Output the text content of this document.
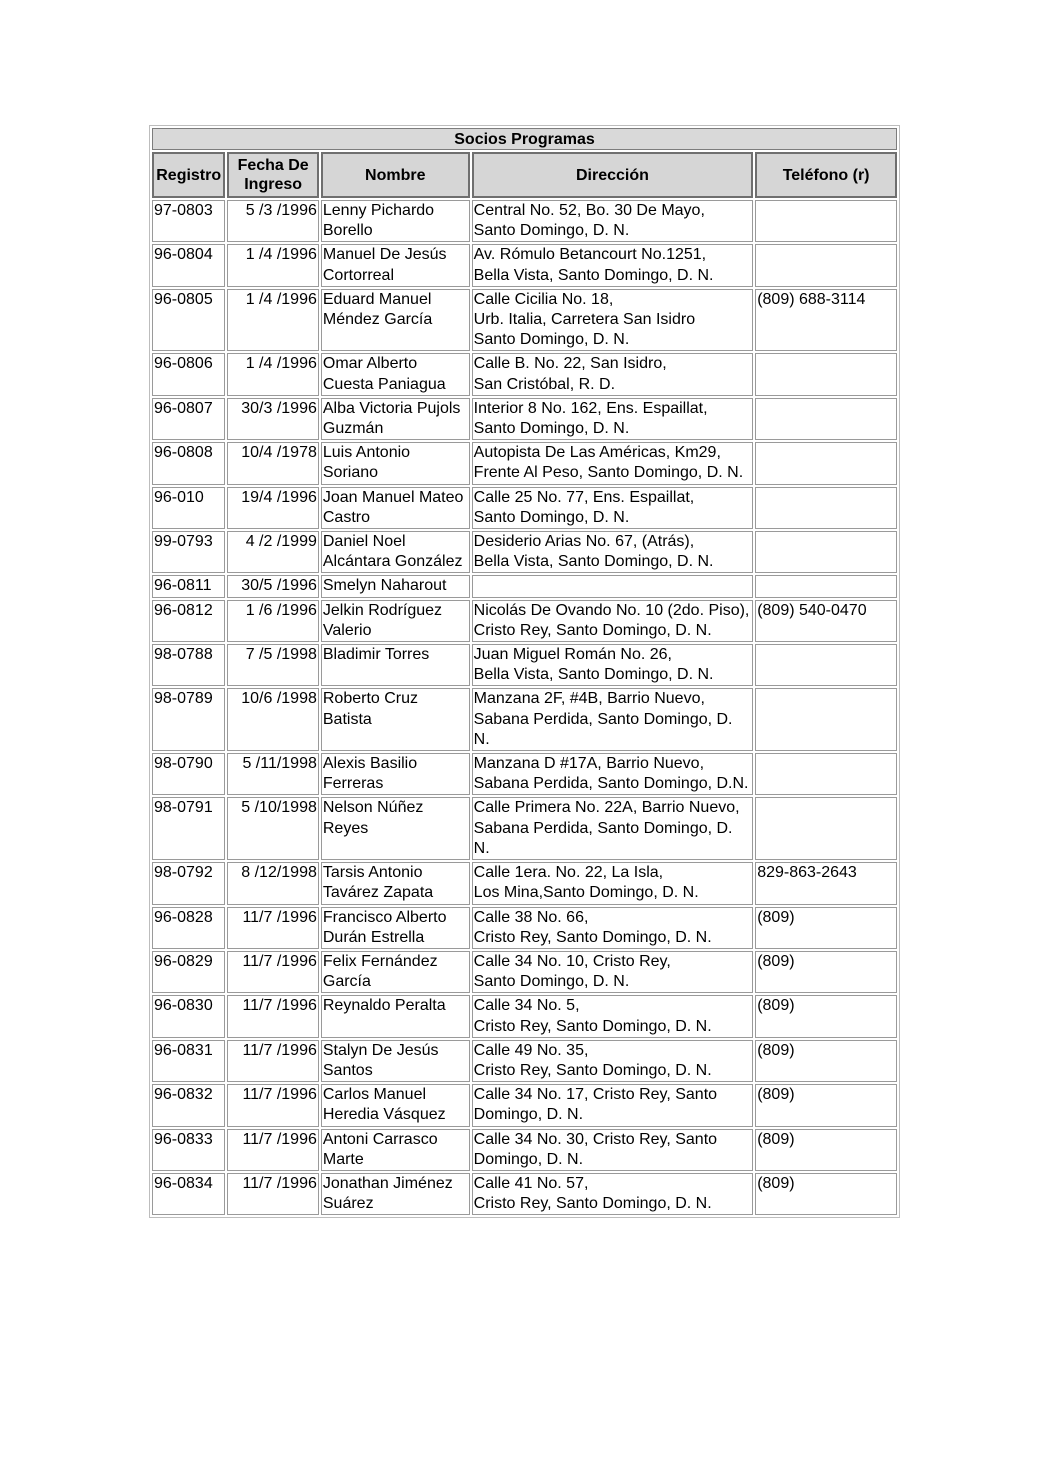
Socios Programas				
Registro	Fecha De Ingreso	Nombre	Dirección	Teléfono (r)
97-0803	5 /3 /1996	Lenny Pichardo Borello	Central No. 52, Bo. 30 De Mayo,
Santo Domingo, D. N.	

96-0804	1 /4 /1996	Manuel De Jesús Cortorreal	Av. Rómulo Betancourt No.1251,
Bella Vista, Santo Domingo, D. N.	

96-0805	1 /4 /1996	Eduard Manuel Méndez García	Calle Cicilia No. 18,
Urb. Italia, Carretera San Isidro
Santo Domingo, D. N.	(809) 688-3114
96-0806	1 /4 /1996	Omar Alberto Cuesta Paniagua	Calle B. No. 22, San Isidro,
San Cristóbal, R. D.	

96-0807	30/3 /1996	Alba Victoria Pujols Guzmán	Interior 8 No. 162, Ens. Espaillat,
Santo Domingo, D. N.	

96-0808	10/4 /1978	Luis Antonio Soriano	Autopista De Las Américas, Km29, Frente Al Peso, Santo Domingo, D. N.	

96-010	19/4 /1996	Joan Manuel Mateo Castro	Calle 25 No. 77, Ens. Espaillat,
Santo Domingo, D. N.	

99-0793	4 /2 /1999	Daniel Noel Alcántara González	Desiderio Arias No. 67, (Atrás),
Bella Vista, Santo Domingo, D. N.	

96-0811	30/5 /1996	Smelyn Naharout	

96-0812	1 /6 /1996	Jelkin Rodríguez Valerio	Nicolás De Ovando No. 10 (2do. Piso),
Cristo Rey, Santo Domingo, D. N.	(809) 540-0470
98-0788	7 /5 /1998	Bladimir Torres	Juan Miguel Román No. 26,
Bella Vista, Santo Domingo, D. N.	

98-0789	10/6 /1998	Roberto Cruz Batista	Manzana 2F, #4B, Barrio Nuevo, Sabana Perdida, Santo Domingo, D. N.	

98-0790	5 /11/1998	Alexis Basilio Ferreras	Manzana D #17A, Barrio Nuevo, Sabana Perdida, Santo Domingo, D.N.	

98-0791	5 /10/1998	Nelson Núñez Reyes	Calle Primera No. 22A, Barrio Nuevo,
Sabana Perdida, Santo Domingo, D. N.	

98-0792	8 /12/1998	Tarsis Antonio Tavárez Zapata	Calle 1era. No. 22, La Isla,
Los Mina,Santo Domingo, D. N.	829-863-2643
96-0828	11/7 /1996	Francisco Alberto Durán Estrella	Calle 38 No. 66,
Cristo Rey, Santo Domingo, D. N.	(809)
96-0829	11/7 /1996	Felix Fernández García	Calle 34 No. 10, Cristo Rey,
Santo Domingo, D. N.	(809)
96-0830	11/7 /1996	Reynaldo Peralta	Calle 34 No. 5,
Cristo Rey, Santo Domingo, D. N.	(809)
96-0831	11/7 /1996	Stalyn De Jesús Santos	Calle 49 No. 35,
Cristo Rey, Santo Domingo, D. N.	(809)
96-0832	11/7 /1996	Carlos Manuel Heredia Vásquez	Calle 34 No. 17, Cristo Rey, Santo Domingo, D. N.	(809)
96-0833	11/7 /1996	Antoni Carrasco Marte	Calle 34 No. 30, Cristo Rey, Santo Domingo, D. N.	(809)
96-0834	11/7 /1996	Jonathan Jiménez Suárez	Calle 41 No. 57,
Cristo Rey, Santo Domingo, D. N.	(809)
